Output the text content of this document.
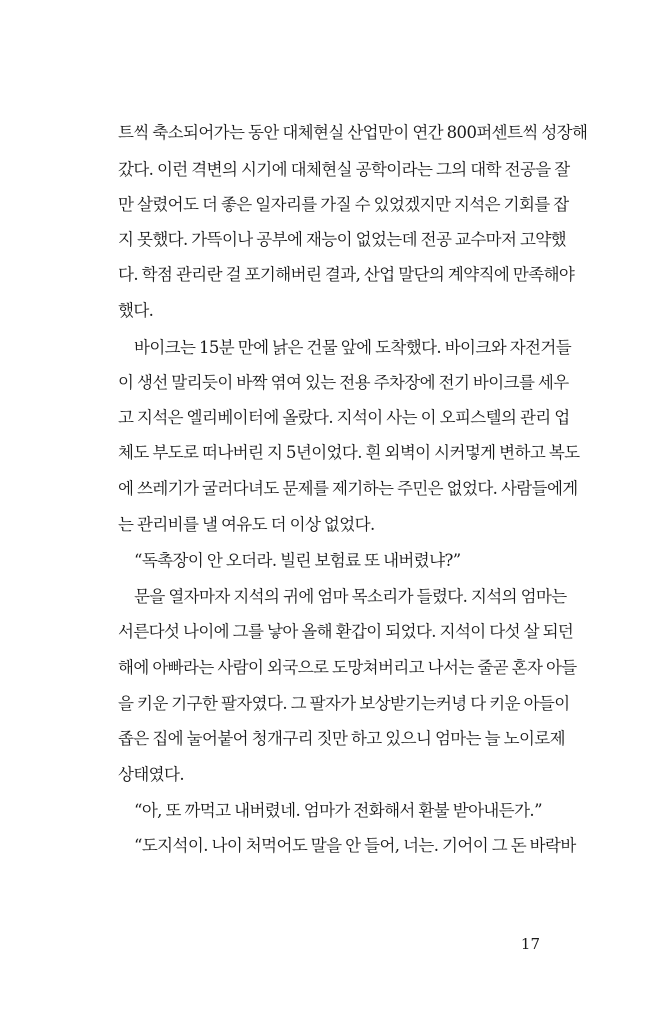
트씩 축소되어가는 동안 대체현실 산업만이 연간 800퍼센트씩 성장해
갔다. 이런 격변의 시기에 대체현실 공학이라는 그의 대학 전공을 잘
만 살렸어도 더 좋은 일자리를 가질 수 있었겠지만 지석은 기회를 잡
지 못했다. 가뜩이나 공부에 재능이 없었는데 전공 교수마저 고약했
다. 학점 관리란 걸 포기해버린 결과, 산업 말단의 계약직에 만족해야
했다.
바이크는 15분 만에 낡은 건물 앞에 도착했다. 바이크와 자전거들
이 생선 말리듯이 바짝 엮여 있는 전용 주차장에 전기 바이크를 세우
고 지석은 엘리베이터에 올랐다. 지석이 사는 이 오피스텔의 관리 업
체도 부도로 떠나버린 지 5년이었다. 흰 외벽이 시커멓게 변하고 복도
에 쓰레기가 굴러다녀도 문제를 제기하는 주민은 없었다. 사람들에게
는 관리비를 낼 여유도 더 이상 없었다.
“독촉장이 안 오더라. 빌린 보험료 또 내버렸냐?”
문을 열자마자 지석의 귀에 엄마 목소리가 들렸다. 지석의 엄마는
서른다섯 나이에 그를 낳아 올해 환갑이 되었다. 지석이 다섯 살 되던
해에 아빠라는 사람이 외국으로 도망쳐버리고 나서는 줄곧 혼자 아들
을 키운 기구한 팔자였다. 그 팔자가 보상받기는커녕 다 키운 아들이
좁은 집에 눌어붙어 청개구리 짓만 하고 있으니 엄마는 늘 노이로제
상태였다.
“아, 또 까먹고 내버렸네. 엄마가 전화해서 환불 받아내든가.”
“도지석이. 나이 처먹어도 말을 안 들어, 너는. 기어이 그 돈 바락바
17
